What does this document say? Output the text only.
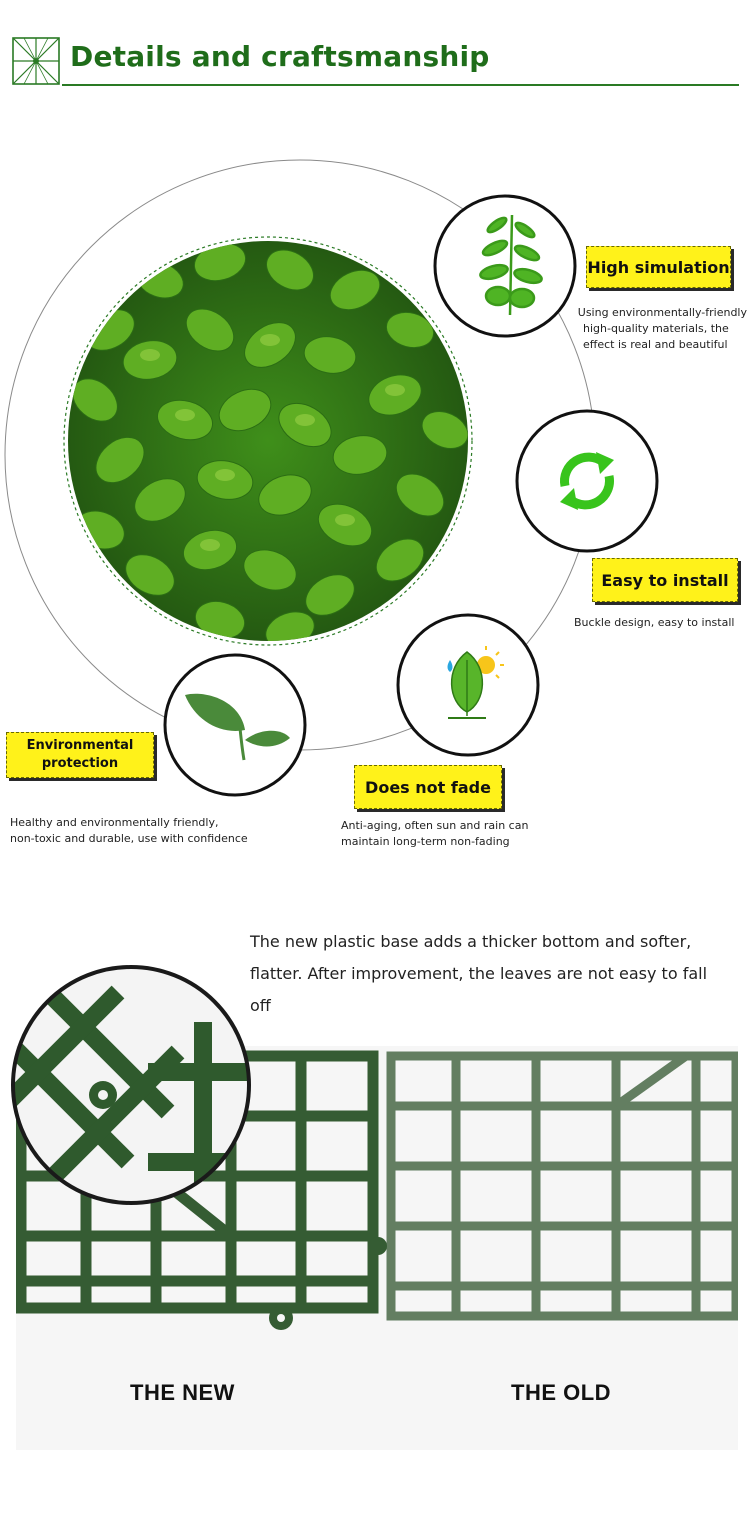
Details and craftsmanship
High simulation
Using environmentally-friendly
high-quality materials, the
effect is real and beautiful
Easy to install
Buckle design, easy to install
Does not fade
Anti-aging, often sun and rain can
maintain long-term non-fading
Environmental
protection
Healthy and environmentally friendly,
non-toxic and durable, use with confidence
The new plastic base adds a thicker bottom and softer, flatter. After improvement, the leaves are not easy to fall off
THE NEW	THE OLD
